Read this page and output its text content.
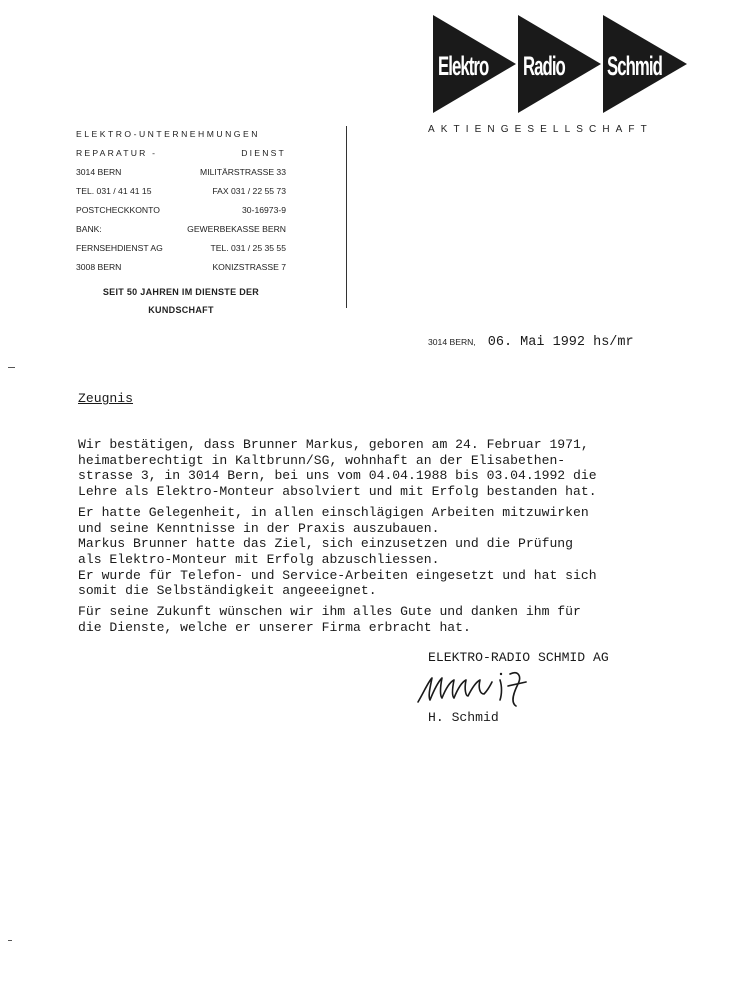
Elektro Radio Schmid
AKTIENGESELLSCHAFT
ELEKTRO-UNTERNEHMUNGEN
REPARATUR -	DIENST
3014 BERN	MILITÄRSTRASSE 33
TEL. 031 / 41 41 15	FAX 031 / 22 55 73
POSTCHECKKONTO	30-16973-9
BANK:	GEWERBEKASSE BERN
FERNSEHDIENST AG	TEL. 031 / 25 35 55
3008 BERN	KONIZSTRASSE 7
SEIT 50 JAHREN IM DIENSTE DER
KUNDSCHAFT
3014 BERN, 06. Mai 1992 hs/mr
Zeugnis
Wir bestätigen, dass Brunner Markus, geboren am 24. Februar 1971,
heimatberechtigt in Kaltbrunn/SG, wohnhaft an der Elisabethen-
strasse 3, in 3014 Bern, bei uns vom 04.04.1988 bis 03.04.1992 die
Lehre als Elektro-Monteur absolviert und mit Erfolg bestanden hat.
Er hatte Gelegenheit, in allen einschlägigen Arbeiten mitzuwirken
und seine Kenntnisse in der Praxis auszubauen.
Markus Brunner hatte das Ziel, sich einzusetzen und die Prüfung
als Elektro-Monteur mit Erfolg abzuschliessen.
Er wurde für Telefon- und Service-Arbeiten eingesetzt und hat sich
somit die Selbständigkeit angeeeignet.
Für seine Zukunft wünschen wir ihm alles Gute und danken ihm für
die Dienste, welche er unserer Firma erbracht hat.
ELEKTRO-RADIO SCHMID AG
H. Schmid
